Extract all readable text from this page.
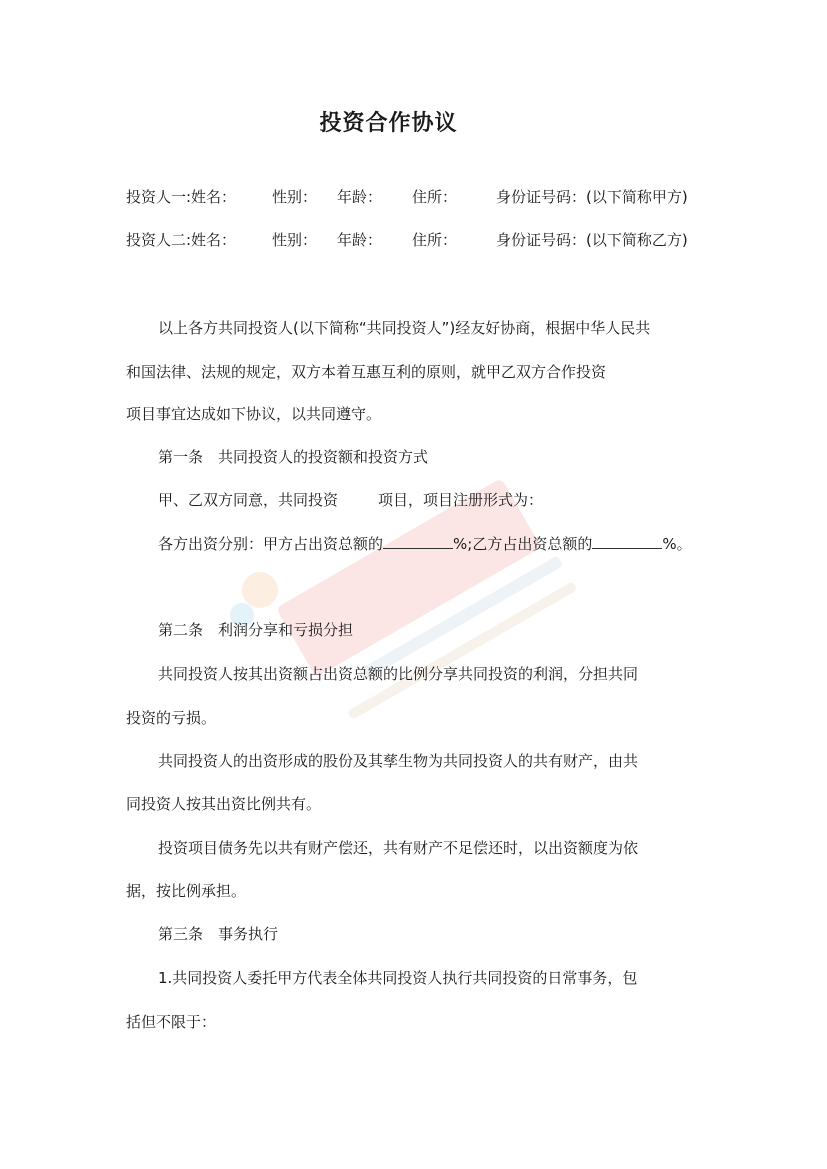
投资合作协议
投资人一:姓名： 性别： 年龄： 住所：	身份证号码：(以下简称甲方)
投资人二:姓名： 性别： 年龄： 住所：	身份证号码：(以下简称乙方)
以上各方共同投资人(以下简称“共同投资人”)经友好协商，根据中华人民共
和国法律、法规的规定，双方本着互惠互利的原则，就甲乙双方合作投资
项目事宜达成如下协议，以共同遵守。
第一条　共同投资人的投资额和投资方式
甲、乙双方同意，共同投资	项目，项目注册形式为：
各方出资分别：甲方占出资总额的	%;乙方占出资总额的	%。
第二条　利润分享和亏损分担
共同投资人按其出资额占出资总额的比例分享共同投资的利润，分担共同
投资的亏损。
共同投资人的出资形成的股份及其孳生物为共同投资人的共有财产，由共
同投资人按其出资比例共有。
投资项目债务先以共有财产偿还，共有财产不足偿还时，以出资额度为依
据，按比例承担。
第三条　事务执行
1.共同投资人委托甲方代表全体共同投资人执行共同投资的日常事务，包
括但不限于：
